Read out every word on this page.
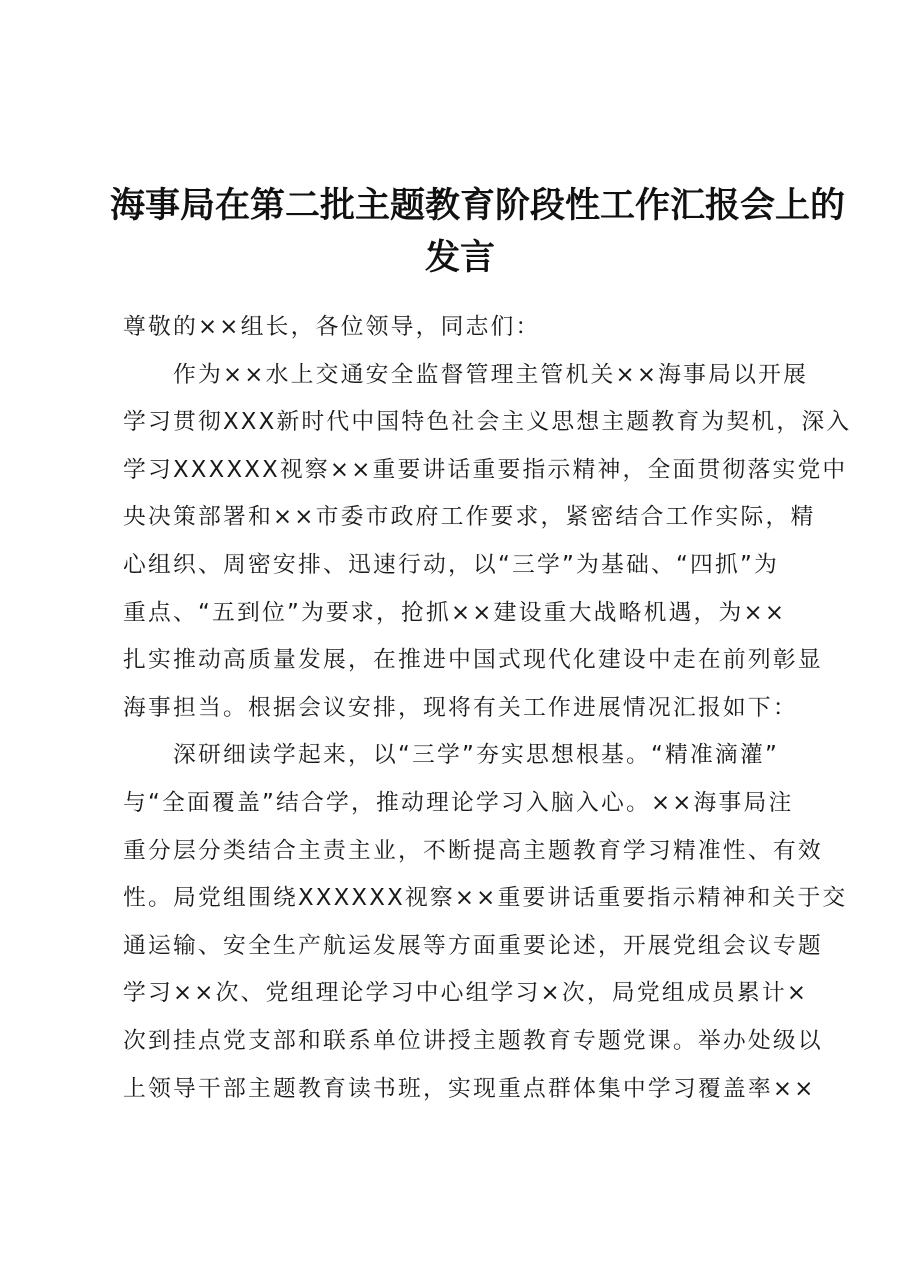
海事局在第二批主题教育阶段性工作汇报会上的
发言
尊敬的××组长，各位领导，同志们：
作为××水上交通安全监督管理主管机关××海事局以开展
学习贯彻XXX新时代中国特色社会主义思想主题教育为契机，深入
学习XXXXXX视察××重要讲话重要指示精神，全面贯彻落实党中
央决策部署和××市委市政府工作要求，紧密结合工作实际，精
心组织、周密安排、迅速行动，以“三学”为基础、“四抓”为
重点、“五到位”为要求，抢抓××建设重大战略机遇，为××
扎实推动高质量发展，在推进中国式现代化建设中走在前列彰显
海事担当。根据会议安排，现将有关工作进展情况汇报如下：
深研细读学起来，以“三学”夯实思想根基。“精准滴灌”
与“全面覆盖”结合学，推动理论学习入脑入心。××海事局注
重分层分类结合主责主业，不断提高主题教育学习精准性、有效
性。局党组围绕XXXXXX视察××重要讲话重要指示精神和关于交
通运输、安全生产航运发展等方面重要论述，开展党组会议专题
学习××次、党组理论学习中心组学习×次，局党组成员累计×
次到挂点党支部和联系单位讲授主题教育专题党课。举办处级以
上领导干部主题教育读书班，实现重点群体集中学习覆盖率××
